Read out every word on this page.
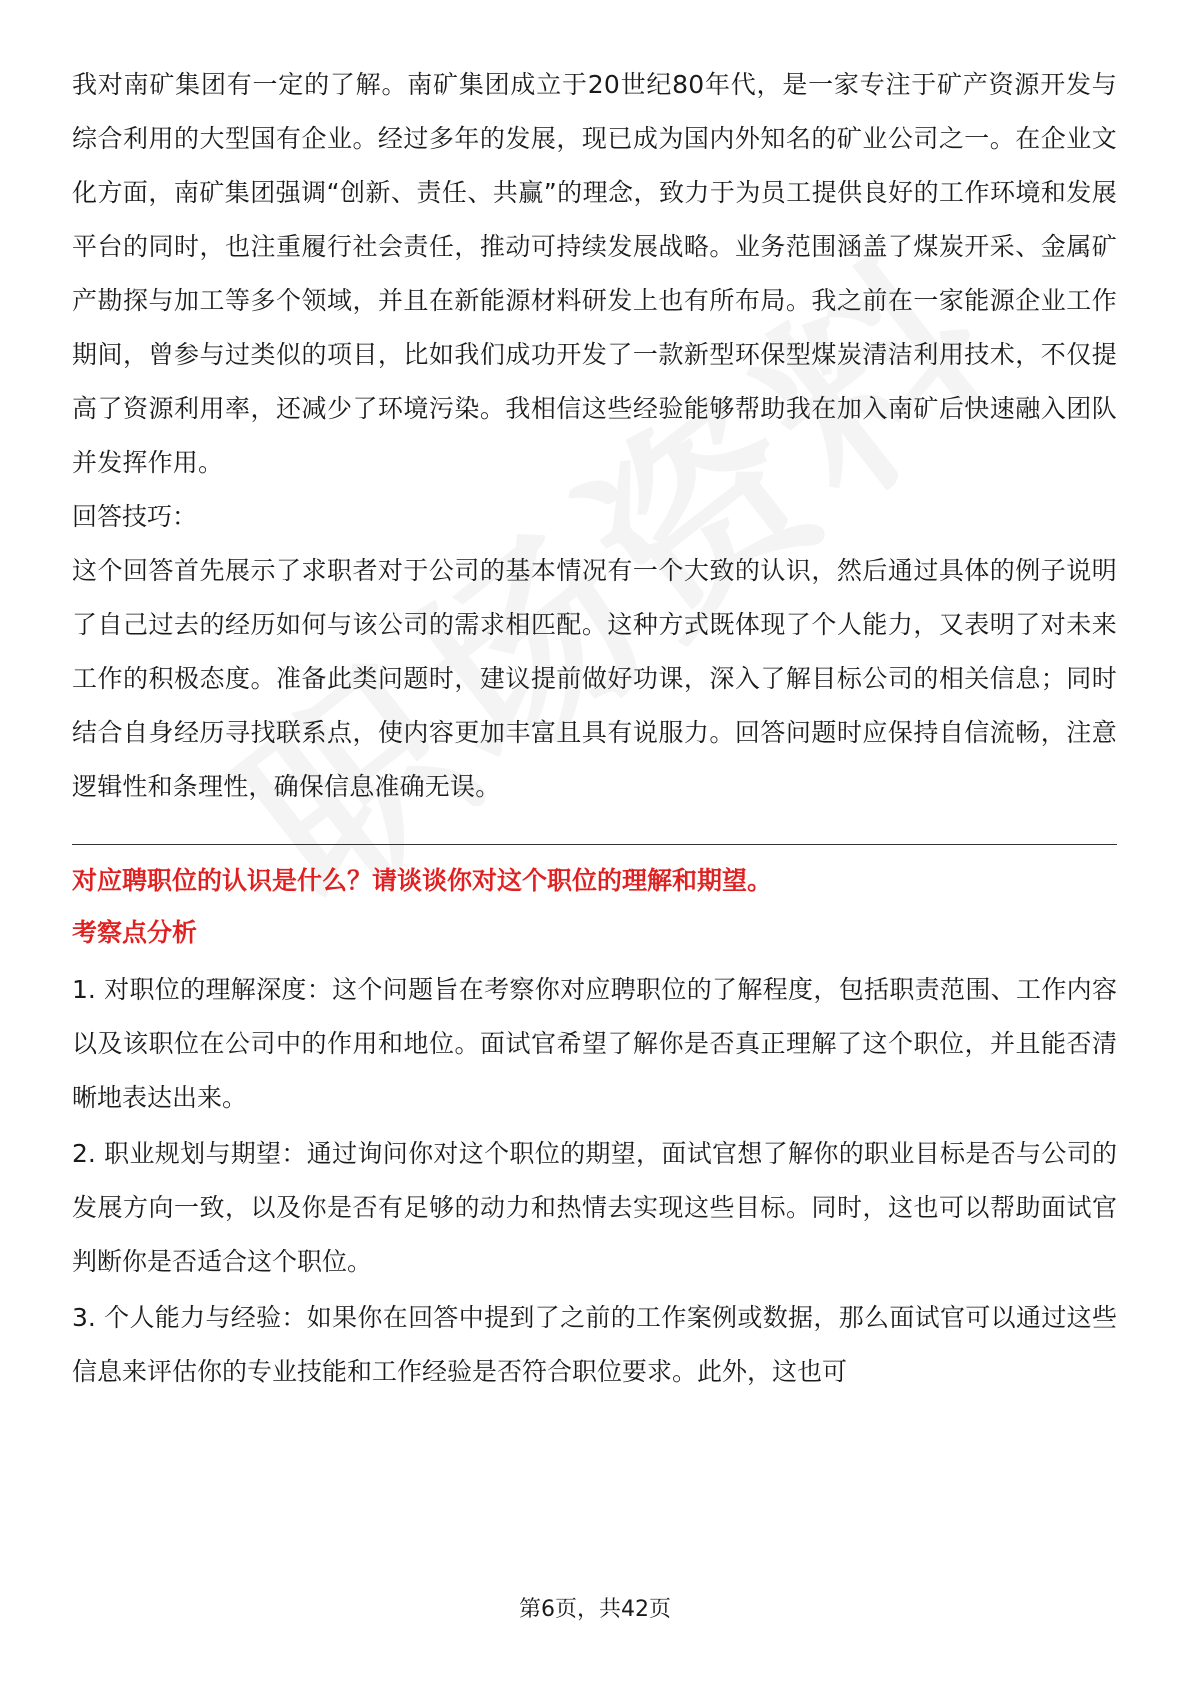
我对南矿集团有一定的了解。南矿集团成立于20世纪80年代，是一家专注于矿产资源开发与综合利用的大型国有企业。经过多年的发展，现已成为国内外知名的矿业公司之一。在企业文化方面，南矿集团强调“创新、责任、共赢”的理念，致力于为员工提供良好的工作环境和发展平台的同时，也注重履行社会责任，推动可持续发展战略。业务范围涵盖了煤炭开采、金属矿产勘探与加工等多个领域，并且在新能源材料研发上也有所布局。我之前在一家能源企业工作期间，曾参与过类似的项目，比如我们成功开发了一款新型环保型煤炭清洁利用技术，不仅提高了资源利用率，还减少了环境污染。我相信这些经验能够帮助我在加入南矿后快速融入团队并发挥作用。

回答技巧：

这个回答首先展示了求职者对于公司的基本情况有一个大致的认识，然后通过具体的例子说明了自己过去的经历如何与该公司的需求相匹配。这种方式既体现了个人能力，又表明了对未来工作的积极态度。准备此类问题时，建议提前做好功课，深入了解目标公司的相关信息；同时结合自身经历寻找联系点，使内容更加丰富且具有说服力。回答问题时应保持自信流畅，注意逻辑性和条理性，确保信息准确无误。

对应聘职位的认识是什么？请谈谈你对这个职位的理解和期望。

考察点分析

1. 对职位的理解深度：这个问题旨在考察你对应聘职位的了解程度，包括职责范围、工作内容以及该职位在公司中的作用和地位。面试官希望了解你是否真正理解了这个职位，并且能否清晰地表达出来。

2. 职业规划与期望：通过询问你对这个职位的期望，面试官想了解你的职业目标是否与公司的发展方向一致，以及你是否有足够的动力和热情去实现这些目标。同时，这也可以帮助面试官判断你是否适合这个职位。

3. 个人能力与经验：如果你在回答中提到了之前的工作案例或数据，那么面试官可以通过这些信息来评估你的专业技能和工作经验是否符合职位要求。此外，这也可

第6页，共42页
